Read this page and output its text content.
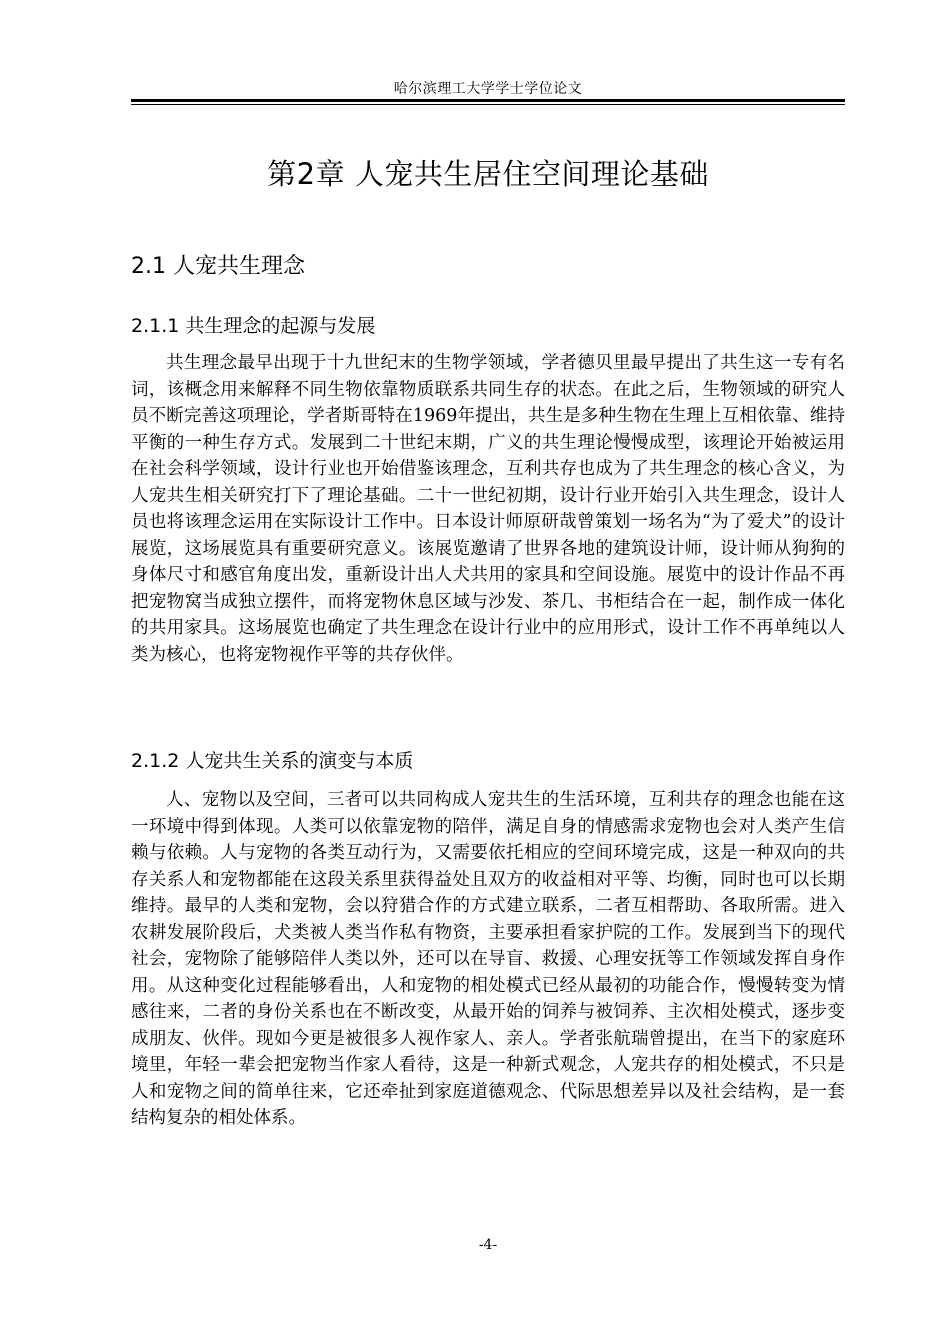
哈尔滨理工大学学士学位论文
第2章 人宠共生居住空间理论基础
2.1 人宠共生理念
2.1.1 共生理念的起源与发展

共生理念最早出现于十九世纪末的生物学领域，学者德贝里最早提出了共生这一专有名词，该概念用来解释不同生物依靠物质联系共同生存的状态。在此之后，生物领域的研究人员不断完善这项理论，学者斯哥特在1969年提出，共生是多种生物在生理上互相依靠、维持平衡的一种生存方式。发展到二十世纪末期，广义的共生理论慢慢成型，该理论开始被运用在社会科学领域，设计行业也开始借鉴该理念，互利共存也成为了共生理念的核心含义，为人宠共生相关研究打下了理论基础。二十一世纪初期，设计行业开始引入共生理念，设计人员也将该理念运用在实际设计工作中。日本设计师原研哉曾策划一场名为“为了爱犬”的设计展览，这场展览具有重要研究意义。该展览邀请了世界各地的建筑设计师，设计师从狗狗的身体尺寸和感官角度出发，重新设计出人犬共用的家具和空间设施。展览中的设计作品不再把宠物窝当成独立摆件，而将宠物休息区域与沙发、茶几、书柜结合在一起，制作成一体化的共用家具。这场展览也确定了共生理念在设计行业中的应用形式，设计工作不再单纯以人类为核心，也将宠物视作平等的共存伙伴。

2.1.2 人宠共生关系的演变与本质

人、宠物以及空间，三者可以共同构成人宠共生的生活环境，互利共存的理念也能在这一环境中得到体现。人类可以依靠宠物的陪伴，满足自身的情感需求宠物也会对人类产生信赖与依赖。人与宠物的各类互动行为，又需要依托相应的空间环境完成，这是一种双向的共存关系人和宠物都能在这段关系里获得益处且双方的收益相对平等、均衡，同时也可以长期维持。最早的人类和宠物，会以狩猎合作的方式建立联系，二者互相帮助、各取所需。进入农耕发展阶段后，犬类被人类当作私有物资，主要承担看家护院的工作。发展到当下的现代社会，宠物除了能够陪伴人类以外，还可以在导盲、救援、心理安抚等工作领域发挥自身作用。从这种变化过程能够看出，人和宠物的相处模式已经从最初的功能合作，慢慢转变为情感往来，二者的身份关系也在不断改变，从最开始的饲养与被饲养、主次相处模式，逐步变成朋友、伙伴。现如今更是被很多人视作家人、亲人。学者张航瑞曾提出，在当下的家庭环境里，年轻一辈会把宠物当作家人看待，这是一种新式观念，人宠共存的相处模式，不只是人和宠物之间的简单往来，它还牵扯到家庭道德观念、代际思想差异以及社会结构，是一套结构复杂的相处体系。

-4-
